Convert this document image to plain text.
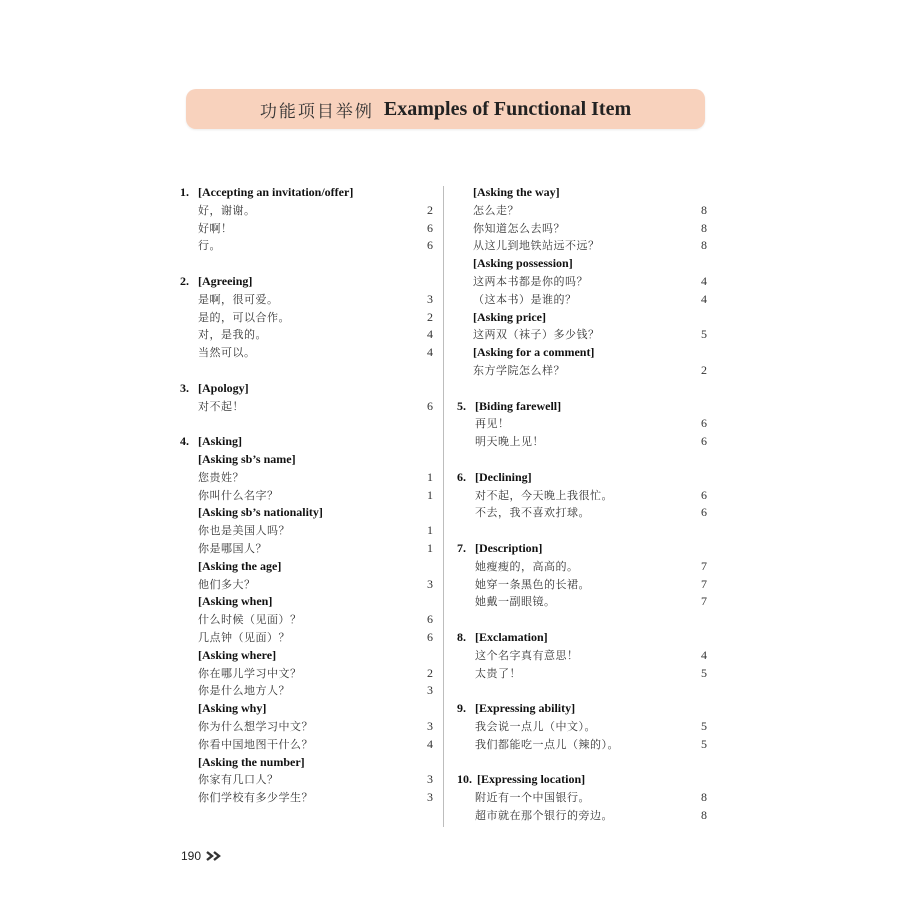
功能项目举例 Examples of Functional Item
1. [Accepting an invitation/offer]
好，谢谢。	2
好啊！	6
行。	6
2. [Agreeing]
是啊，很可爱。	3
是的，可以合作。	2
对，是我的。	4
当然可以。	4
3. [Apology]
对不起！	6
4. [Asking]
[Asking sb’s name]
您贵姓？	1
你叫什么名字？	1
[Asking sb’s nationality]
你也是美国人吗？	1
你是哪国人？	1
[Asking the age]
他们多大？	3
[Asking when]
什么时候（见面）？	6
几点钟（见面）？	6
[Asking where]
你在哪儿学习中文？	2
你是什么地方人？	3
[Asking why]
你为什么想学习中文？	3
你看中国地图干什么？	4
[Asking the number]
你家有几口人？	3
你们学校有多少学生？	3
[Asking the way]
怎么走？	8
你知道怎么去吗？	8
从这儿到地铁站远不远？	8
[Asking possession]
这两本书都是你的吗？	4
（这本书）是谁的？	4
[Asking price]
这两双（袜子）多少钱？	5
[Asking for a comment]
东方学院怎么样？	2
5. [Biding farewell]
再见！	6
明天晚上见！	6
6. [Declining]
对不起，今天晚上我很忙。	6
不去，我不喜欢打球。	6
7. [Description]
她瘦瘦的，高高的。	7
她穿一条黑色的长裙。	7
她戴一副眼镜。	7
8. [Exclamation]
这个名字真有意思！	4
太贵了！	5
9. [Expressing ability]
我会说一点儿（中文）。	5
我们都能吃一点儿（辣的）。	5
10. [Expressing location]
附近有一个中国银行。	8
超市就在那个银行的旁边。	8
190
